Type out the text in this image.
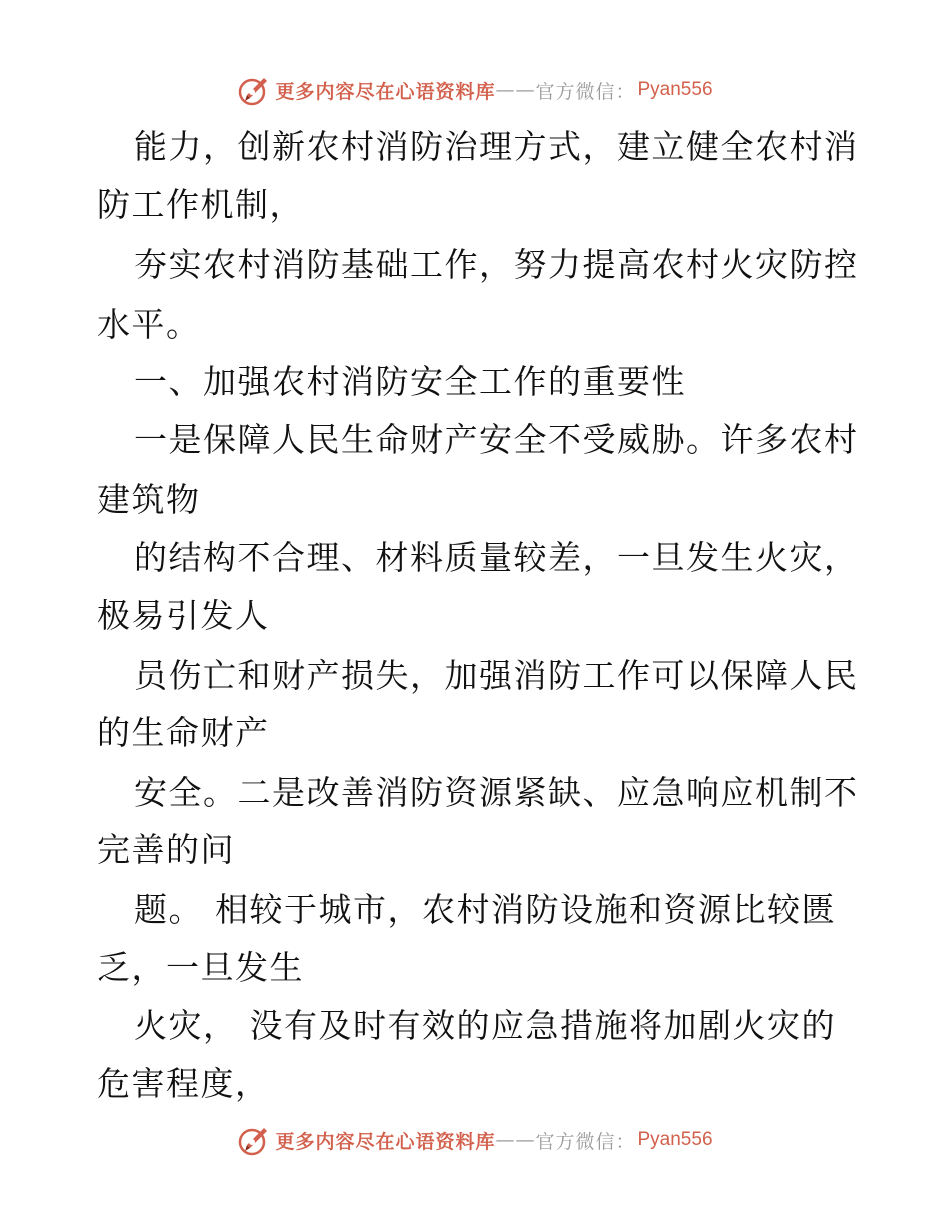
更多内容尽在心语资料库 —— 官方微信： Pyan556
能力，创新农村消防治理方式，建立健全农村消
防工作机制，
夯实农村消防基础工作，努力提高农村火灾防控
水平。
一、加强农村消防安全工作的重要性
一是保障人民生命财产安全不受威胁。许多农村
建筑物
的结构不合理、材料质量较差，一旦发生火灾，
极易引发人
员伤亡和财产损失，加强消防工作可以保障人民
的生命财产
安全。二是改善消防资源紧缺、应急响应机制不
完善的问
题。 相较于城市，农村消防设施和资源比较匮
乏，一旦发生
火灾， 没有及时有效的应急措施将加剧火灾的
危害程度，
更多内容尽在心语资料库 —— 官方微信： Pyan556
